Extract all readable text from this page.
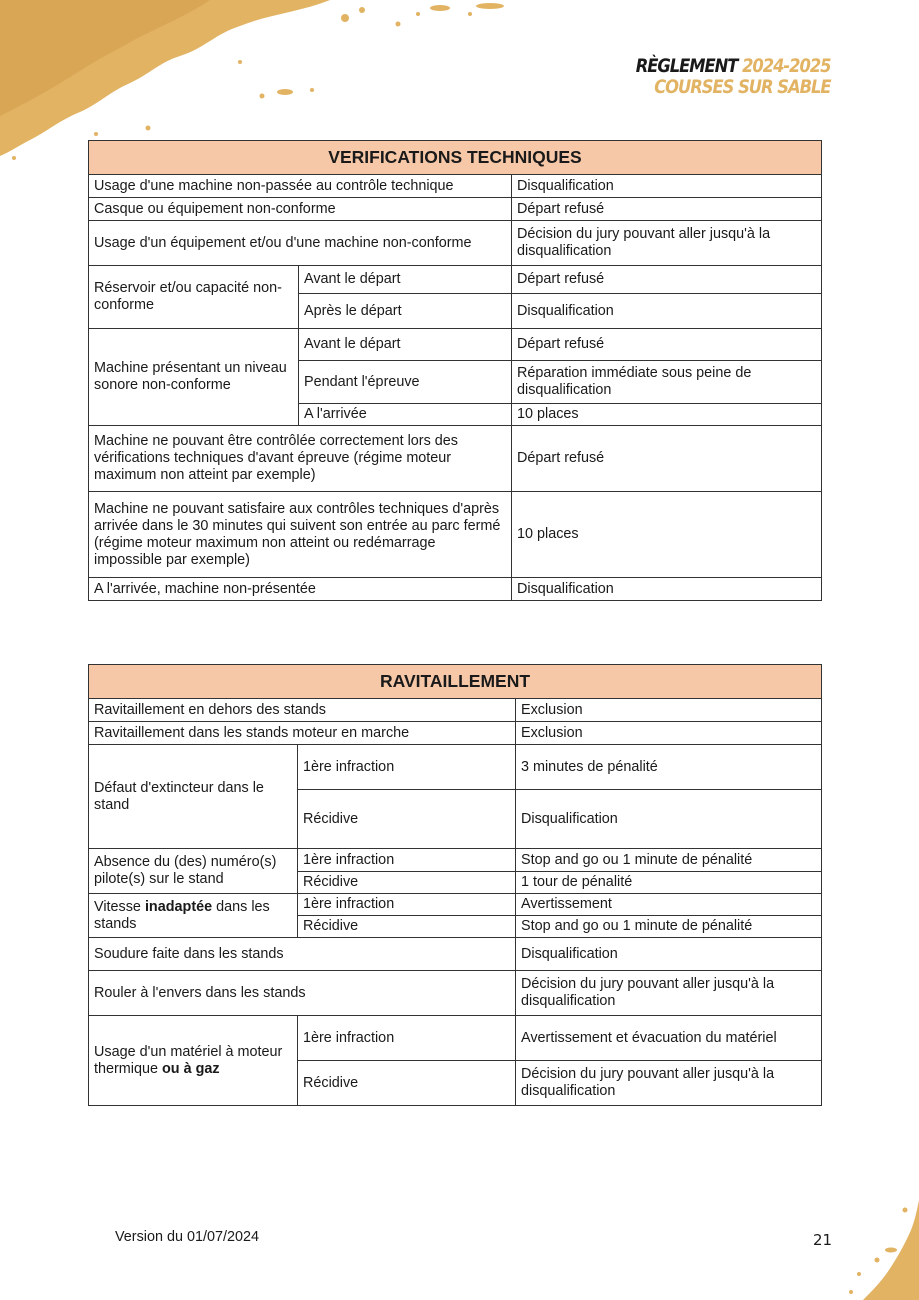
RÈGLEMENT 2024-2025
COURSES SUR SABLE
VERIFICATIONS TECHNIQUES		
Usage d'une machine non-passée au contrôle technique		Disqualification
Casque ou équipement non-conforme		Départ refusé
Usage d'un équipement et/ou d'une machine non-conforme		Décision du jury pouvant aller jusqu'à la disqualification
Réservoir et/ou capacité non-conforme	Avant le départ	Départ refusé
	Après le départ	Disqualification
Machine présentant un niveau sonore non-conforme	Avant le départ	Départ refusé
	Pendant l'épreuve	Réparation immédiate sous peine de disqualification
	A l'arrivée	10 places
Machine ne pouvant être contrôlée correctement lors des vérifications techniques d'avant épreuve (régime moteur maximum non atteint par exemple)		Départ refusé
Machine ne pouvant satisfaire aux contrôles techniques d'après arrivée dans le 30 minutes qui suivent son entrée au parc fermé (régime moteur maximum non atteint ou redémarrage impossible par exemple)		10 places
A l'arrivée, machine non-présentée		Disqualification
RAVITAILLEMENT		
Ravitaillement en dehors des stands		Exclusion
Ravitaillement dans les stands moteur en marche		Exclusion
Défaut d'extincteur dans le stand	1ère infraction	3 minutes de pénalité
	Récidive	Disqualification
Absence du (des) numéro(s) pilote(s) sur le stand	1ère infraction	Stop and go ou 1 minute de pénalité
	Récidive	1 tour de pénalité
Vitesse inadaptée dans les stands	1ère infraction	Avertissement
	Récidive	Stop and go ou 1 minute de pénalité
Soudure faite dans les stands		Disqualification
Rouler à l'envers dans les stands		Décision du jury pouvant aller jusqu'à la disqualification
Usage d'un matériel à moteur thermique ou à gaz	1ère infraction	Avertissement et évacuation du matériel
	Récidive	Décision du jury pouvant aller jusqu'à la disqualification
Version du 01/07/2024	21
